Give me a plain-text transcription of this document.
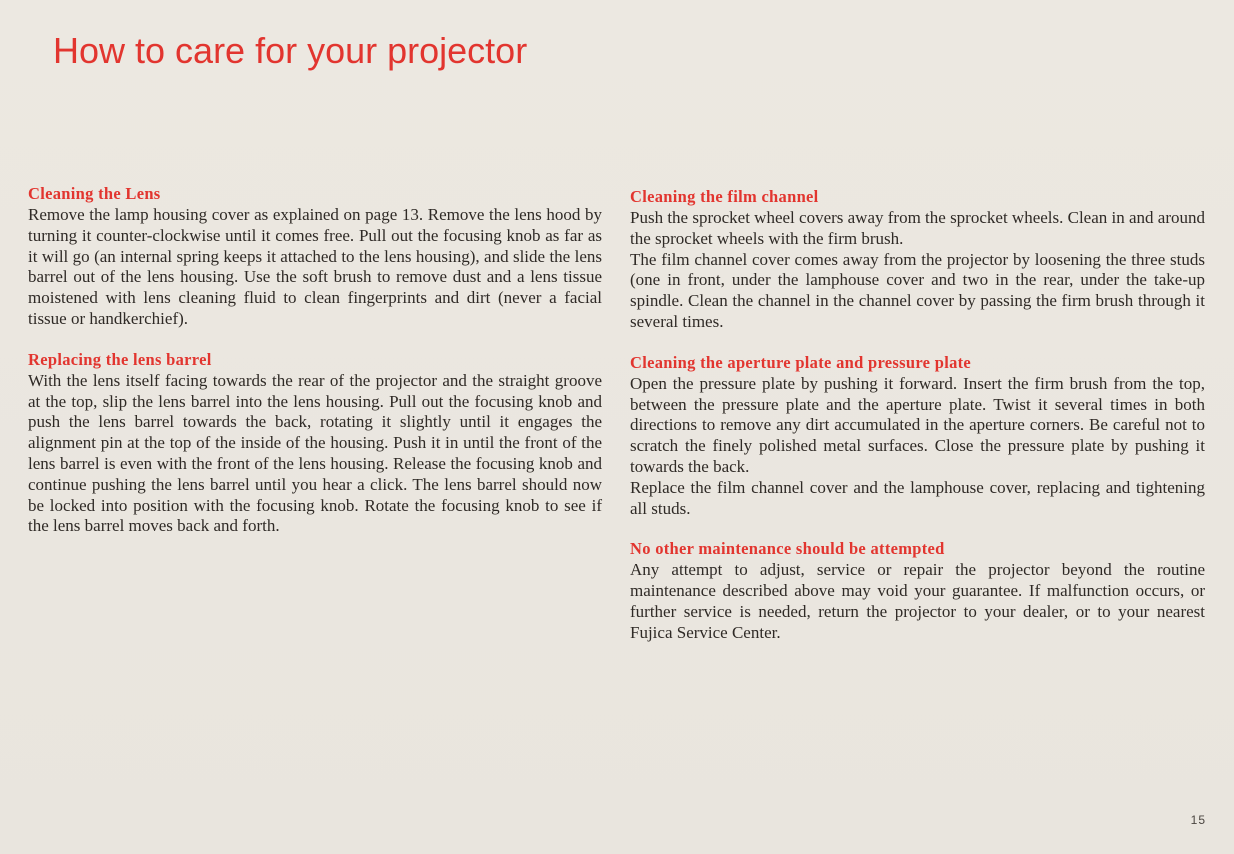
How to care for your projector
Cleaning the Lens

Remove the lamp housing cover as explained on page 13. Remove the lens hood by turning it counter-clockwise until it comes free. Pull out the focusing knob as far as it will go (an internal spring keeps it attached to the lens housing), and slide the lens barrel out of the lens housing. Use the soft brush to remove dust and a lens tissue moistened with lens cleaning fluid to clean fingerprints and dirt (never a facial tissue or handkerchief).

Replacing the lens barrel

With the lens itself facing towards the rear of the projector and the straight groove at the top, slip the lens barrel into the lens housing. Pull out the focusing knob and push the lens barrel towards the back, rotating it slightly until it engages the alignment pin at the top of the inside of the housing. Push it in until the front of the lens barrel is even with the front of the lens housing. Release the focusing knob and continue pushing the lens barrel until you hear a click. The lens barrel should now be locked into position with the focusing knob. Rotate the focusing knob to see if the lens barrel moves back and forth.

Cleaning the film channel

Push the sprocket wheel covers away from the sprocket wheels. Clean in and around the sprocket wheels with the firm brush.

The film channel cover comes away from the projector by loosening the three studs (one in front, under the lamphouse cover and two in the rear, under the take-up spindle. Clean the channel in the channel cover by passing the firm brush through it several times.

Cleaning the aperture plate and pressure plate

Open the pressure plate by pushing it forward. Insert the firm brush from the top, between the pressure plate and the aperture plate. Twist it several times in both directions to remove any dirt accumulated in the aperture corners. Be careful not to scratch the finely polished metal surfaces. Close the pressure plate by pushing it towards the back.

Replace the film channel cover and the lamphouse cover, replacing and tightening all studs.

No other maintenance should be attempted

Any attempt to adjust, service or repair the projector beyond the routine maintenance described above may void your guarantee. If malfunction occurs, or further service is needed, return the projector to your dealer, or to your nearest Fujica Service Center.

15
